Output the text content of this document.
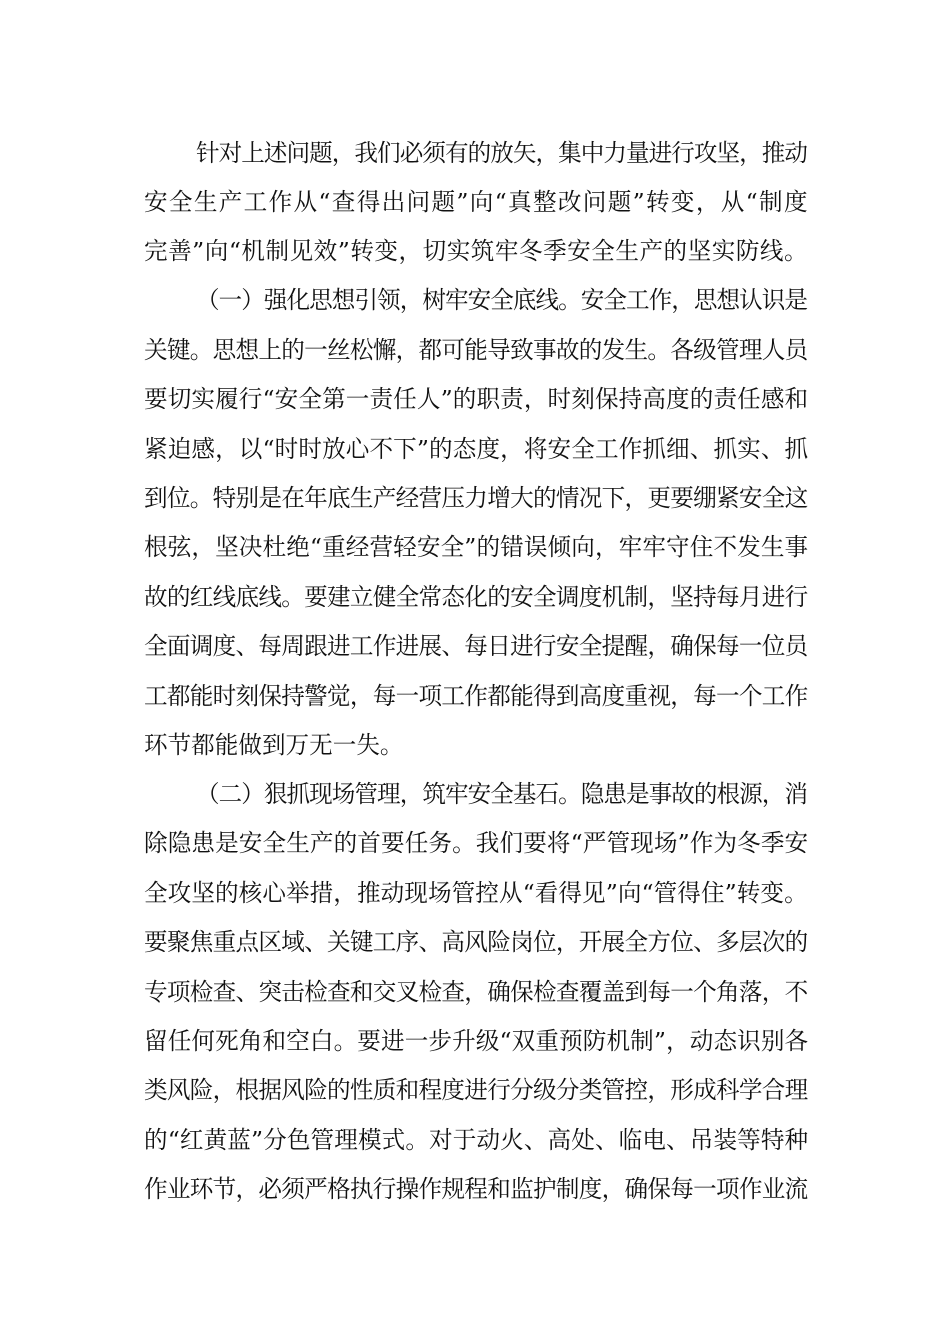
针对上述问题，我们必须有的放矢，集中力量进行攻坚，推动
安全生产工作从“查得出问题”向“真整改问题”转变，从“制度
完善”向“机制见效”转变，切实筑牢冬季安全生产的坚实防线。
（一）强化思想引领，树牢安全底线。安全工作，思想认识是
关键。思想上的一丝松懈，都可能导致事故的发生。各级管理人员
要切实履行“安全第一责任人”的职责，时刻保持高度的责任感和
紧迫感，以“时时放心不下”的态度，将安全工作抓细、抓实、抓
到位。特别是在年底生产经营压力增大的情况下，更要绷紧安全这
根弦，坚决杜绝“重经营轻安全”的错误倾向，牢牢守住不发生事
故的红线底线。要建立健全常态化的安全调度机制，坚持每月进行
全面调度、每周跟进工作进展、每日进行安全提醒，确保每一位员
工都能时刻保持警觉，每一项工作都能得到高度重视，每一个工作
环节都能做到万无一失。
（二）狠抓现场管理，筑牢安全基石。隐患是事故的根源，消
除隐患是安全生产的首要任务。我们要将“严管现场”作为冬季安
全攻坚的核心举措，推动现场管控从“看得见”向“管得住”转变。
要聚焦重点区域、关键工序、高风险岗位，开展全方位、多层次的
专项检查、突击检查和交叉检查，确保检查覆盖到每一个角落，不
留任何死角和空白。要进一步升级“双重预防机制”，动态识别各
类风险，根据风险的性质和程度进行分级分类管控，形成科学合理
的“红黄蓝”分色管理模式。对于动火、高处、临电、吊装等特种
作业环节，必须严格执行操作规程和监护制度，确保每一项作业流
